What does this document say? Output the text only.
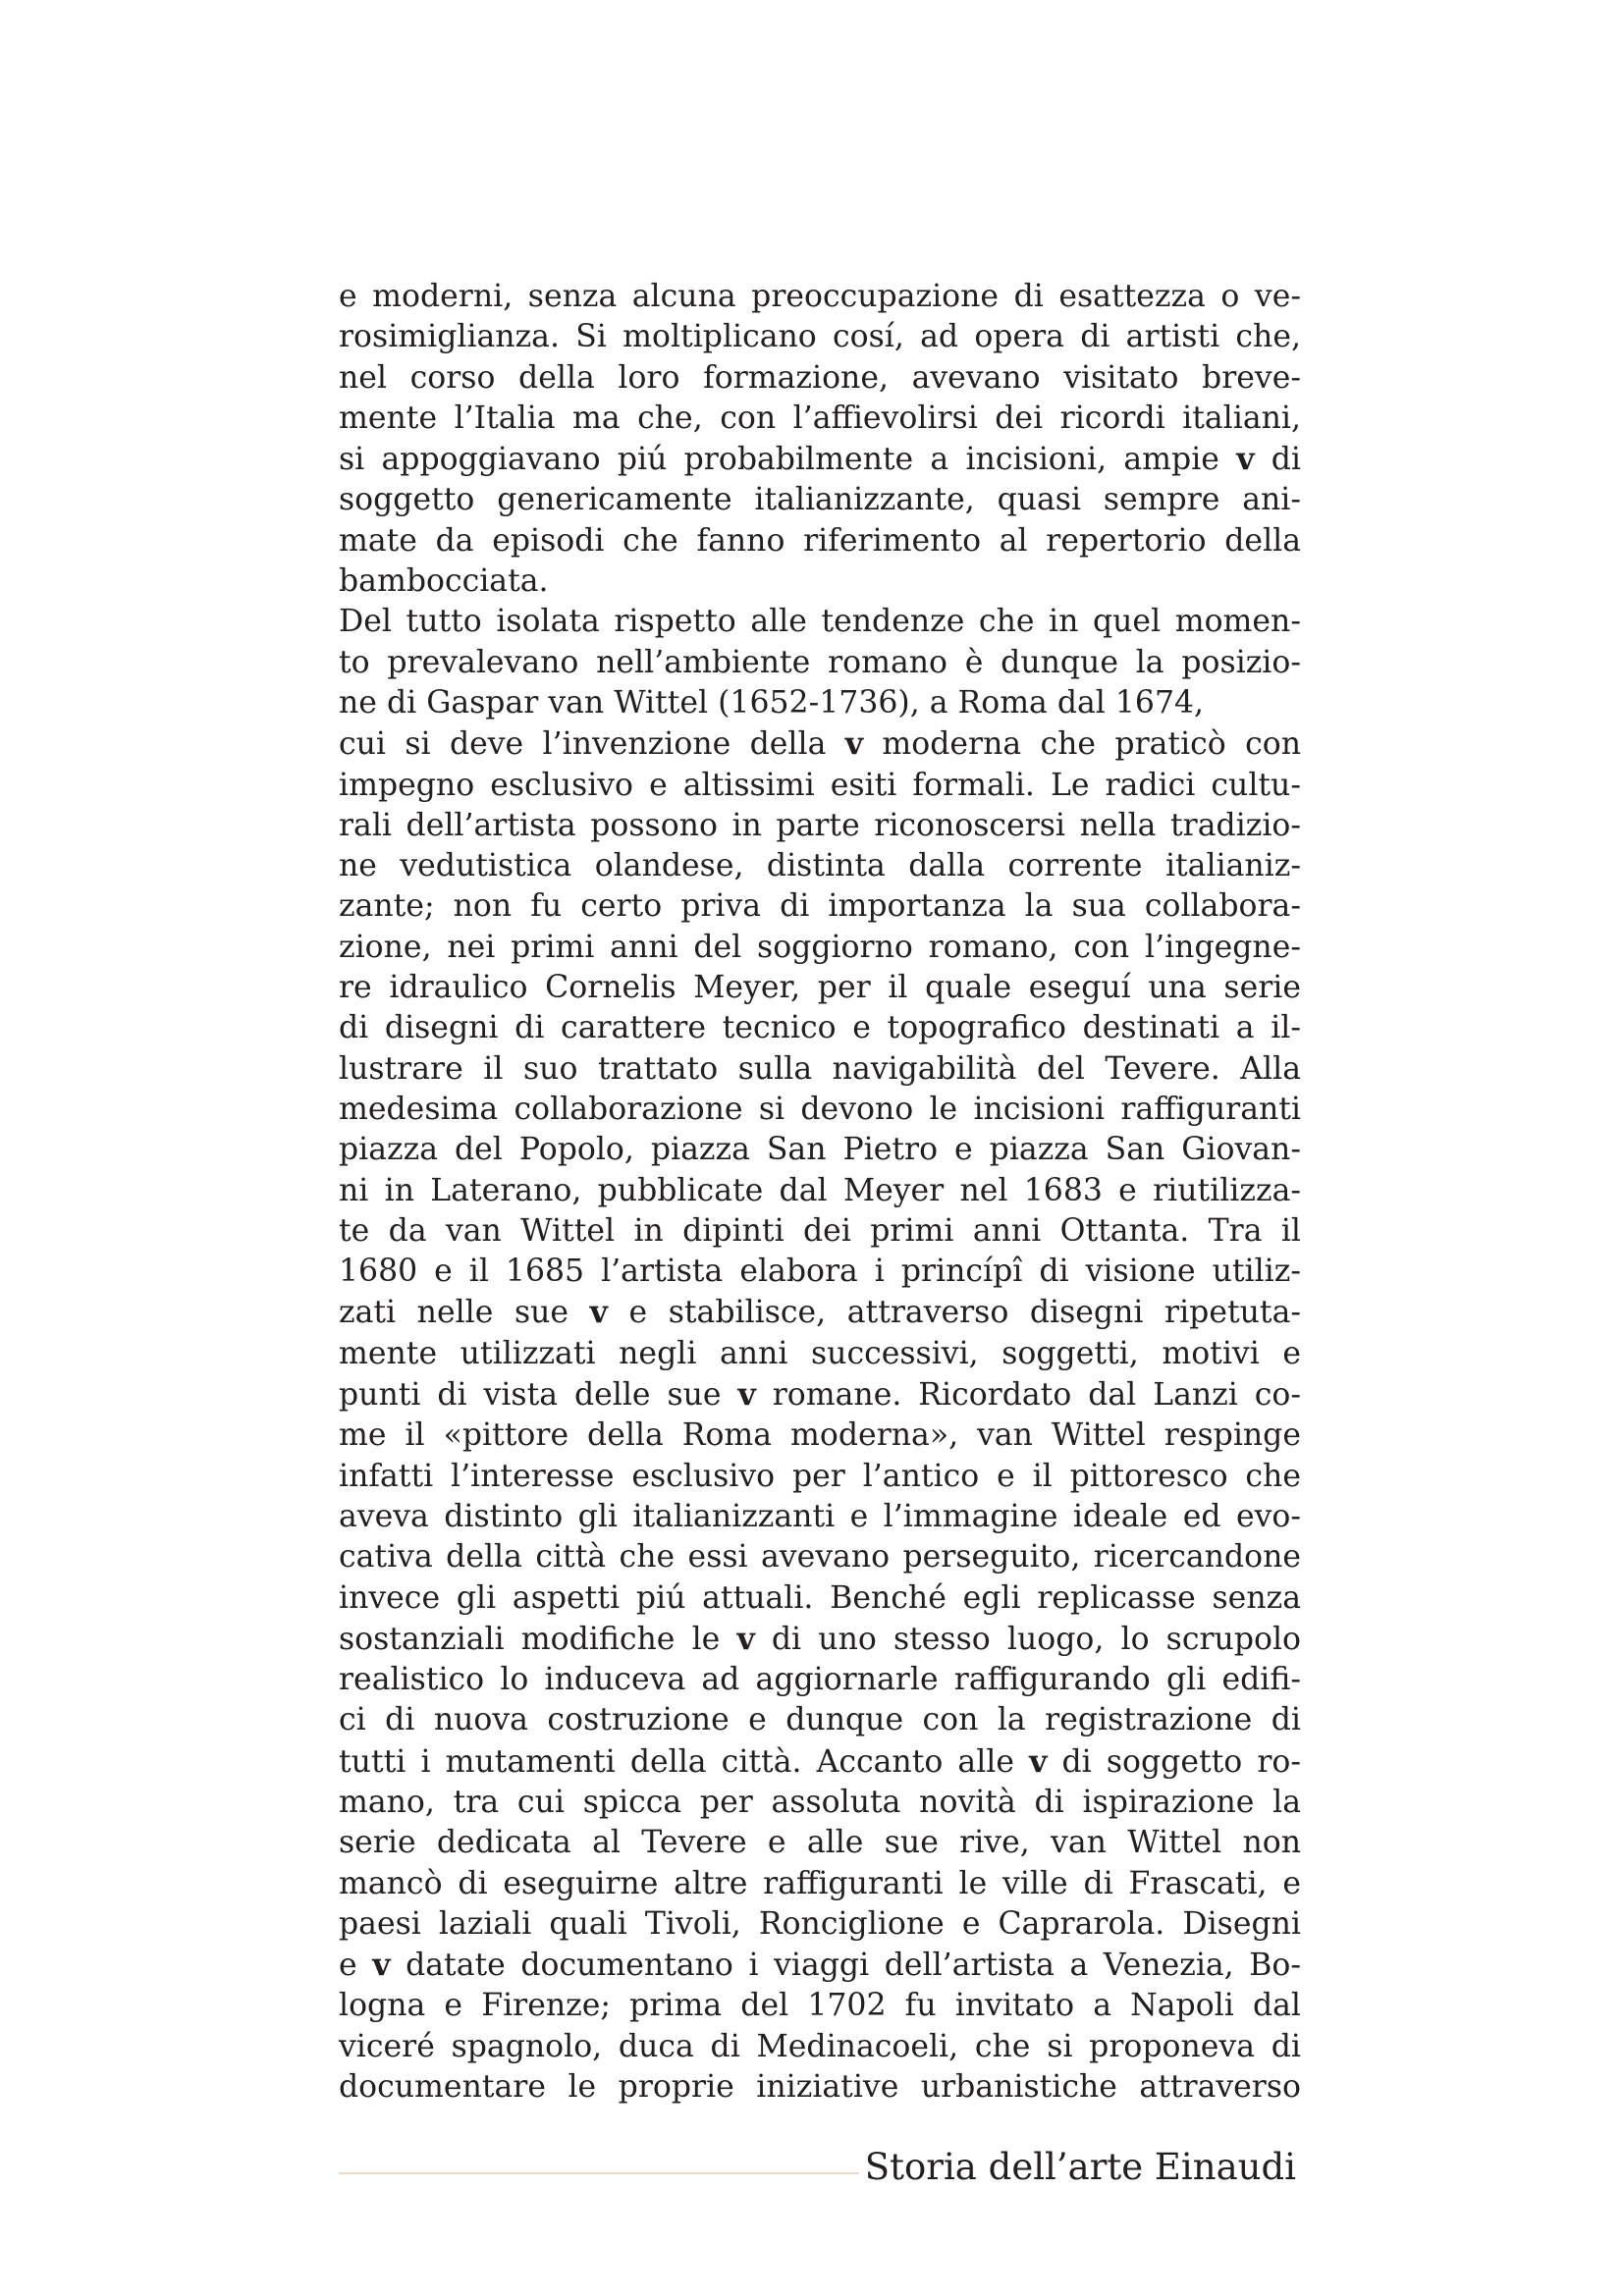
e moderni, senza alcuna preoccupazione di esattezza o ve-
rosimiglianza. Si moltiplicano cosí, ad opera di artisti che,
nel corso della loro formazione, avevano visitato breve-
mente l’Italia ma che, con l’affievolirsi dei ricordi italiani,
si appoggiavano piú probabilmente a incisioni, ampie v di
soggetto genericamente italianizzante, quasi sempre ani-
mate da episodi che fanno riferimento al repertorio della
bambocciata.
Del tutto isolata rispetto alle tendenze che in quel momen-
to prevalevano nell’ambiente romano è dunque la posizio-
ne di Gaspar van Wittel (1652-1736), a Roma dal 1674,
cui si deve l’invenzione della v moderna che praticò con
impegno esclusivo e altissimi esiti formali. Le radici cultu-
rali dell’artista possono in parte riconoscersi nella tradizio-
ne vedutistica olandese, distinta dalla corrente italianiz-
zante; non fu certo priva di importanza la sua collabora-
zione, nei primi anni del soggiorno romano, con l’ingegne-
re idraulico Cornelis Meyer, per il quale eseguí una serie
di disegni di carattere tecnico e topografico destinati a il-
lustrare il suo trattato sulla navigabilità del Tevere. Alla
medesima collaborazione si devono le incisioni raffiguranti
piazza del Popolo, piazza San Pietro e piazza San Giovan-
ni in Laterano, pubblicate dal Meyer nel 1683 e riutilizza-
te da van Wittel in dipinti dei primi anni Ottanta. Tra il
1680 e il 1685 l’artista elabora i princípî di visione utiliz-
zati nelle sue v e stabilisce, attraverso disegni ripetuta-
mente utilizzati negli anni successivi, soggetti, motivi e
punti di vista delle sue v romane. Ricordato dal Lanzi co-
me il «pittore della Roma moderna», van Wittel respinge
infatti l’interesse esclusivo per l’antico e il pittoresco che
aveva distinto gli italianizzanti e l’immagine ideale ed evo-
cativa della città che essi avevano perseguito, ricercandone
invece gli aspetti piú attuali. Benché egli replicasse senza
sostanziali modifiche le v di uno stesso luogo, lo scrupolo
realistico lo induceva ad aggiornarle raffigurando gli edifi-
ci di nuova costruzione e dunque con la registrazione di
tutti i mutamenti della città. Accanto alle v di soggetto ro-
mano, tra cui spicca per assoluta novità di ispirazione la
serie dedicata al Tevere e alle sue rive, van Wittel non
mancò di eseguirne altre raffiguranti le ville di Frascati, e
paesi laziali quali Tivoli, Ronciglione e Caprarola. Disegni
e v datate documentano i viaggi dell’artista a Venezia, Bo-
logna e Firenze; prima del 1702 fu invitato a Napoli dal
viceré spagnolo, duca di Medinacoeli, che si proponeva di
documentare le proprie iniziative urbanistiche attraverso
Storia dell’arte Einaudi
